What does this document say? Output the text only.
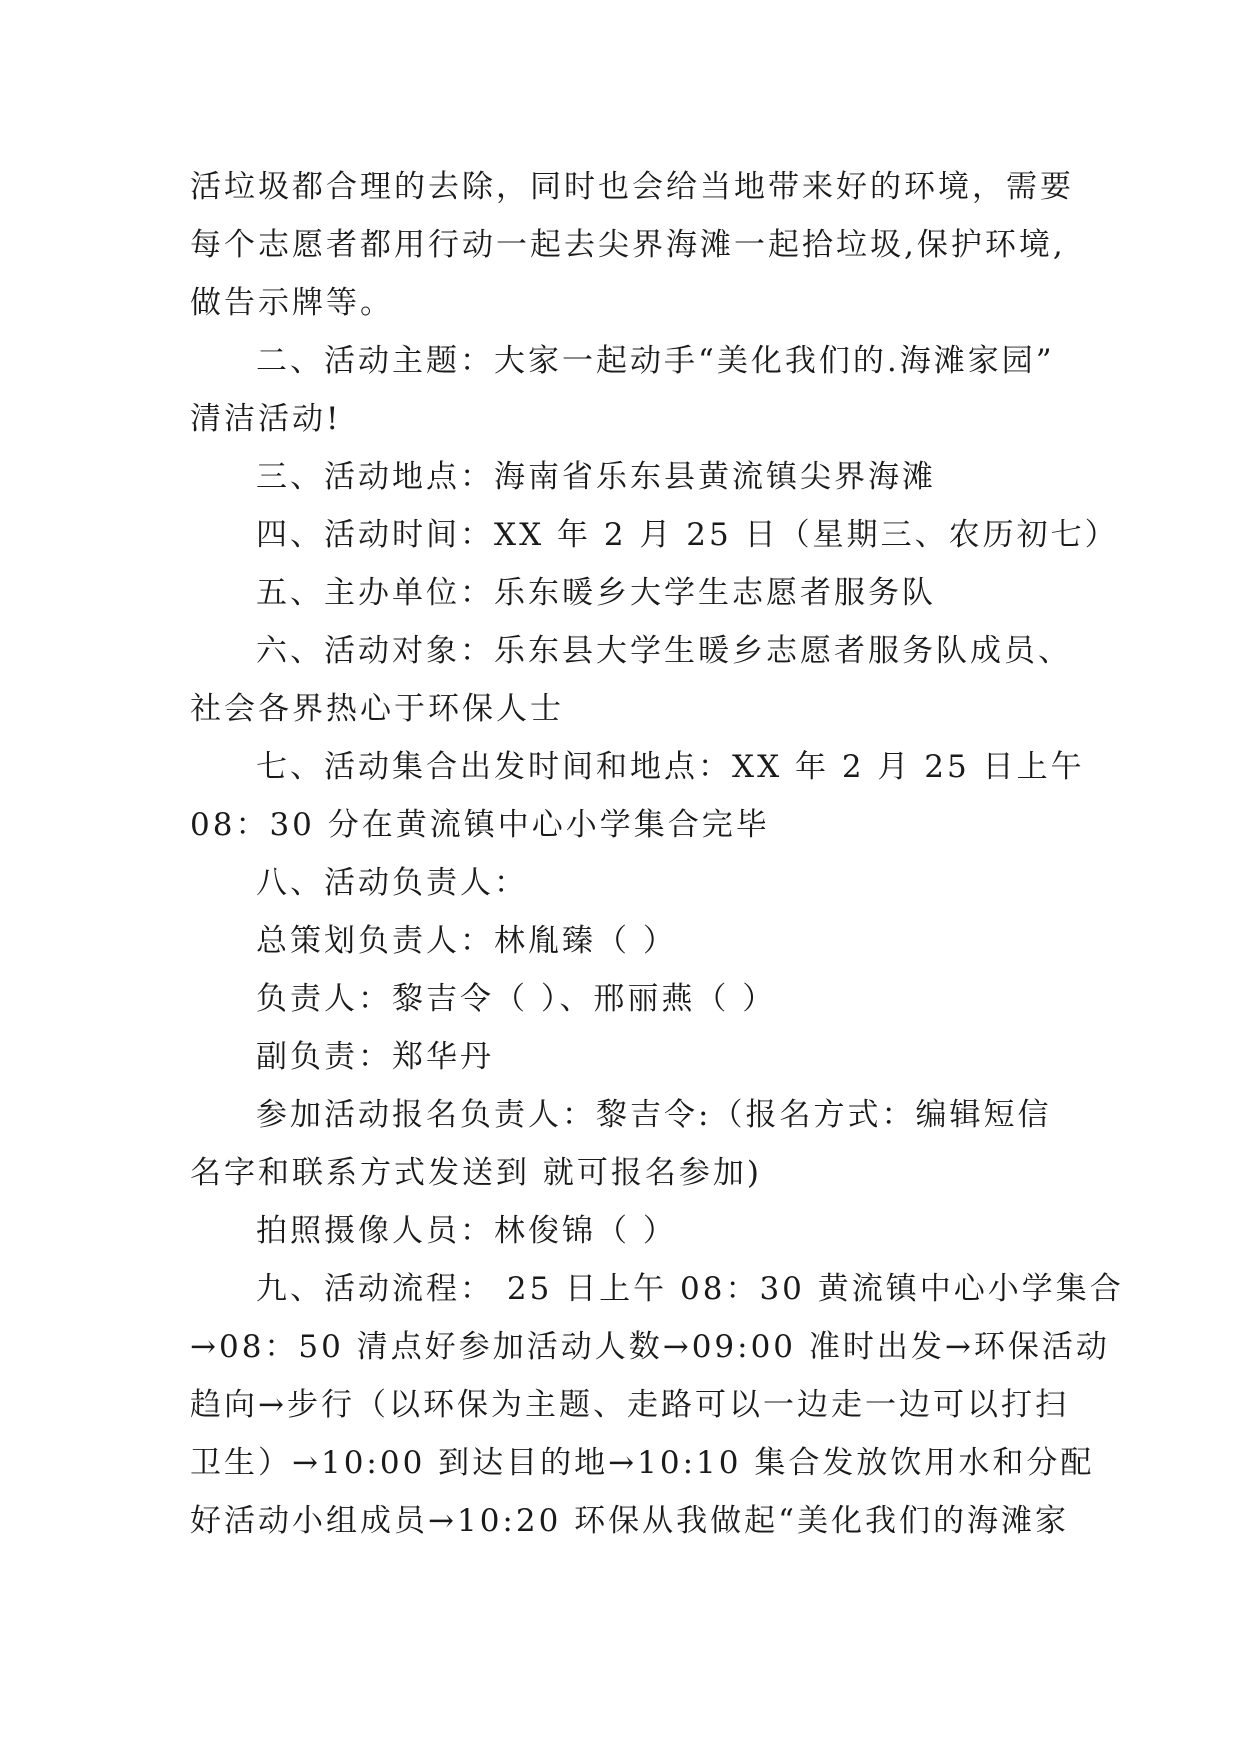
活垃圾都合理的去除，同时也会给当地带来好的环境，需要
每个志愿者都用行动一起去尖界海滩一起拾垃圾,保护环境,
做告示牌等。
二、活动主题：大家一起动手“美化我们的.海滩家园”
清洁活动!
三、活动地点：海南省乐东县黄流镇尖界海滩
四、活动时间：XX 年 2 月 25 日（星期三、农历初七）
五、主办单位：乐东暖乡大学生志愿者服务队
六、活动对象：乐东县大学生暖乡志愿者服务队成员、
社会各界热心于环保人士
七、活动集合出发时间和地点：XX 年 2 月 25 日上午
08：30 分在黄流镇中心小学集合完毕
八、活动负责人：
总策划负责人：林胤臻（ ）
负责人：黎吉令（ ）、邢丽燕（ ）
副负责：郑华丹
参加活动报名负责人：黎吉令:（报名方式：编辑短信
名字和联系方式发送到 就可报名参加)
拍照摄像人员：林俊锦（ ）
九、活动流程： 25 日上午 08：30 黄流镇中心小学集合
→08：50 清点好参加活动人数→09:00 准时出发→环保活动
趋向→步行（以环保为主题、走路可以一边走一边可以打扫
卫生）→10:00 到达目的地→10:10 集合发放饮用水和分配
好活动小组成员→10:20 环保从我做起“美化我们的海滩家
